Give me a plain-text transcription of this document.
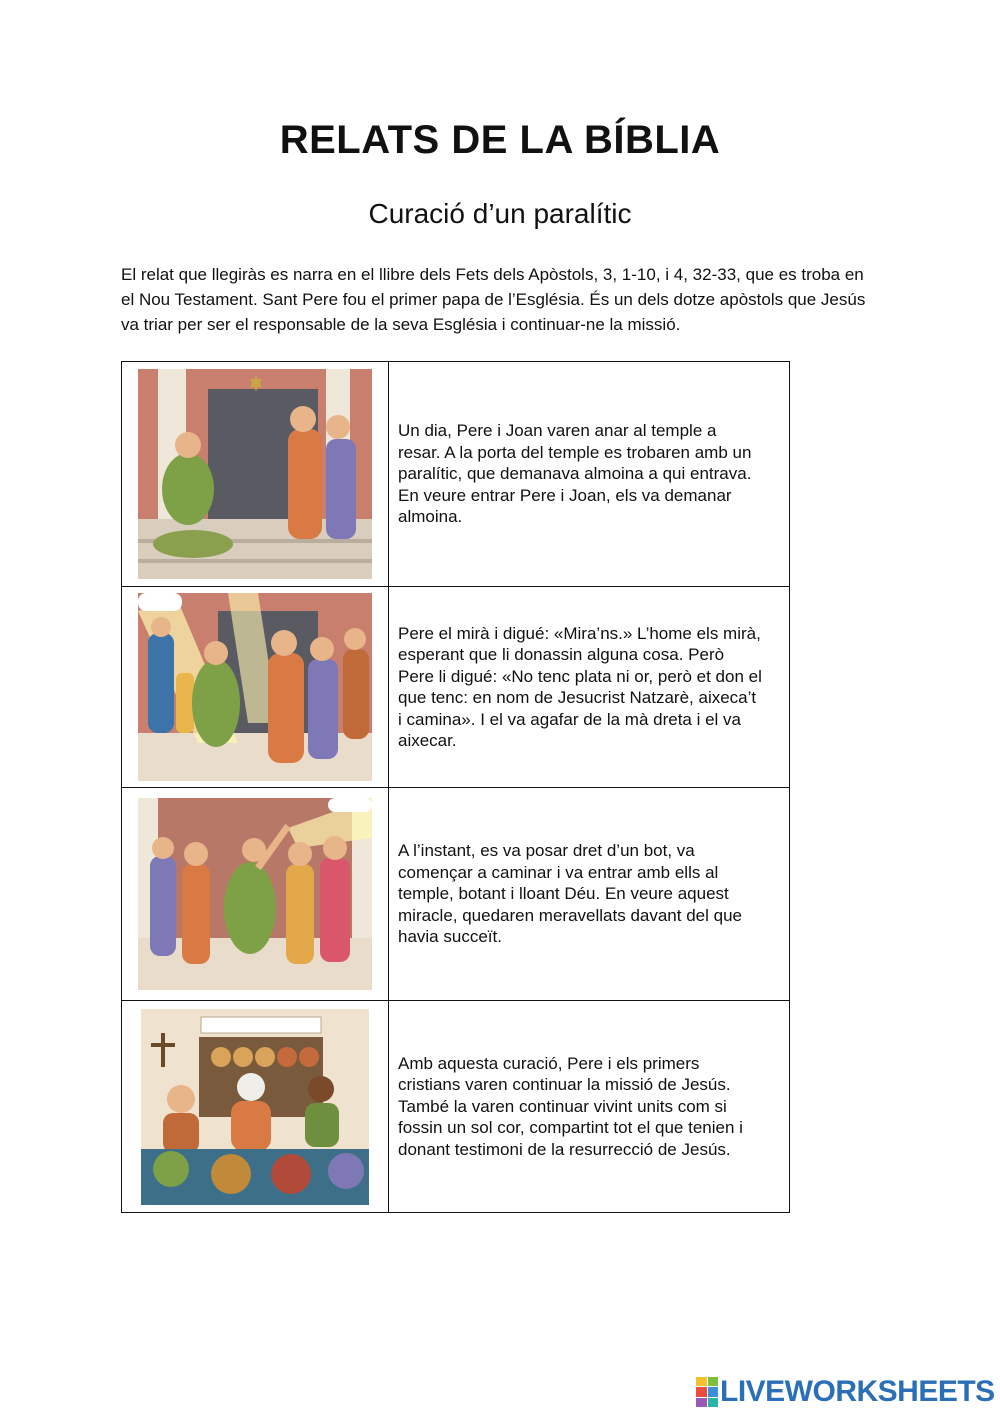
RELATS DE LA BÍBLIA
Curació d’un paralític

El relat que llegiràs es narra en el llibre dels Fets dels Apòstols, 3, 1-10, i 4, 32-33, que es troba en el Nou Testament. Sant Pere fou el primer papa de l’Església. És un dels dotze apòstols que Jesús va triar per ser el responsable de la seva Església i continuar-ne la missió.

	Un dia, Pere i Joan varen anar al temple a resar. A la porta del temple es trobaren amb un paralític, que demanava almoina a qui entrava. En veure entrar Pere i Joan, els va demanar almoina.

	Pere el mirà i digué: «Mira’ns.» L’home els mirà, esperant que li donassin alguna cosa. Però Pere li digué: «No tenc plata ni or, però et don el que tenc: en nom de Jesucrist Natzarè, aixeca’t i camina». I el va agafar de la mà dreta i el va aixecar.

	A l’instant, es va posar dret d’un bot, va començar a caminar i va entrar amb ells al temple, botant i lloant Déu. En veure aquest miracle, quedaren meravellats davant del que havia succeït.

	Amb aquesta curació, Pere i els primers cristians varen continuar la missió de Jesús. També la varen continuar vivint units com si fossin un sol cor, compartint tot el que tenien i donant testimoni de la resurrecció de Jesús.
LIVEWORKSHEETS
